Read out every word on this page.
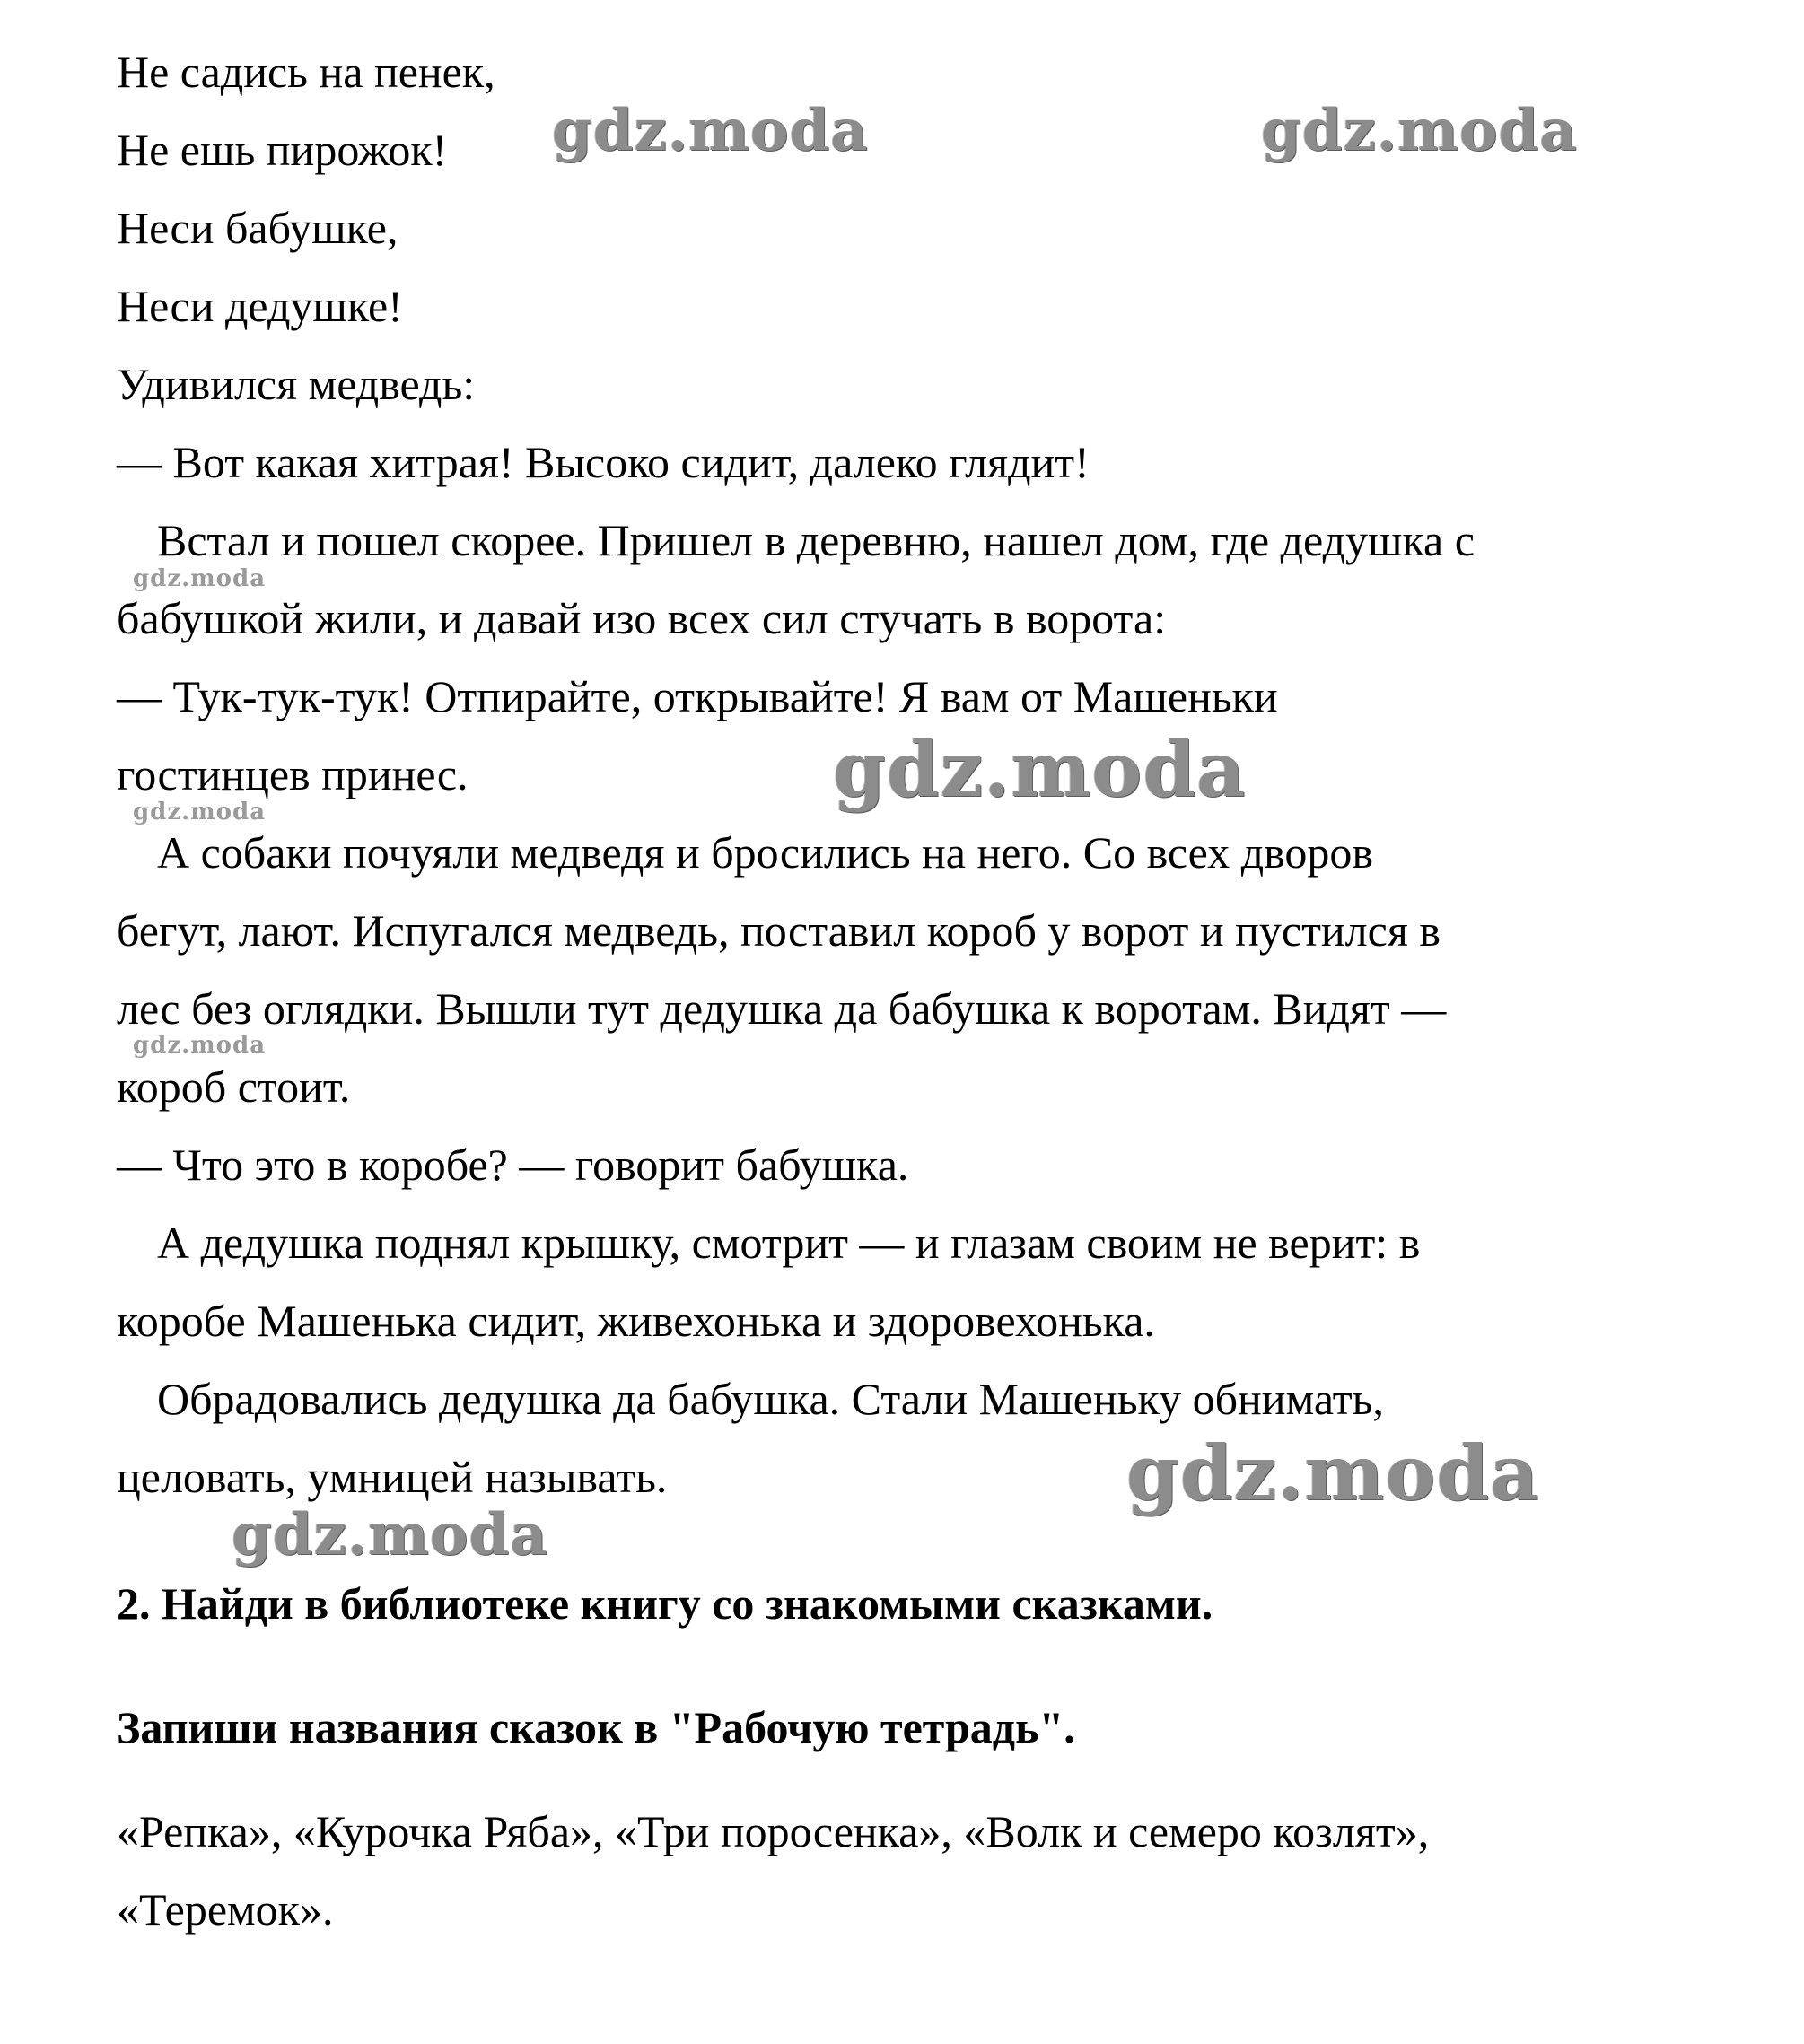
Не садись на пенек,
Не ешь пирожок!
Неси бабушке,
Неси дедушке!
Удивился медведь:
— Вот какая хитрая! Высоко сидит, далеко глядит!
Встал и пошел скорее. Пришел в деревню, нашел дом, где дедушка с
бабушкой жили, и давай изо всех сил стучать в ворота:
— Тук-тук-тук! Отпирайте, открывайте! Я вам от Машеньки
гостинцев принес.
А собаки почуяли медведя и бросились на него. Со всех дворов
бегут, лают. Испугался медведь, поставил короб у ворот и пустился в
лес без оглядки. Вышли тут дедушка да бабушка к воротам. Видят —
короб стоит.
— Что это в коробе? — говорит бабушка.
А дедушка поднял крышку, смотрит — и глазам своим не верит: в
коробе Машенька сидит, живехонька и здоровехонька.
Обрадовались дедушка да бабушка. Стали Машеньку обнимать,
целовать, умницей называть.
2. Найди в библиотеке книгу со знакомыми сказками.
Запиши названия сказок в "Рабочую тетрадь".
«Репка», «Курочка Ряба», «Три поросенка», «Волк и семеро козлят»,
«Теремок».
gdz.moda	gdz.moda
gdz.moda
gdz.moda
gdz.moda
gdz.moda
gdz.moda
gdz.moda
